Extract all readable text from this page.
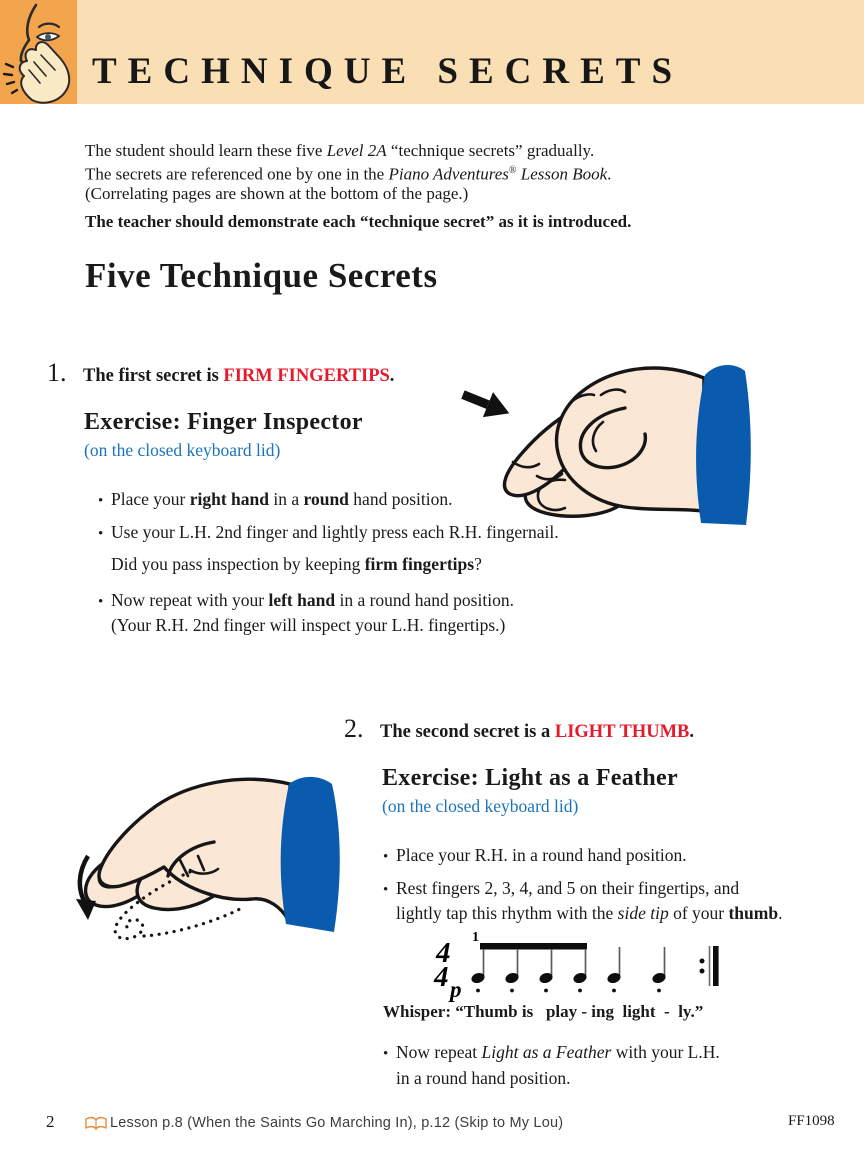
TECHNIQUE SECRETS
The student should learn these five Level 2A “technique secrets” gradually.
The secrets are referenced one by one in the Piano Adventures® Lesson Book.
(Correlating pages are shown at the bottom of the page.)
The teacher should demonstrate each “technique secret” as it is introduced.
Five Technique Secrets
1. The first secret is FIRM FINGERTIPS.
Exercise: Finger Inspector
(on the closed keyboard lid)
• Place your right hand in a round hand position.
• Use your L.H. 2nd finger and lightly press each R.H. fingernail.
Did you pass inspection by keeping firm fingertips?
• Now repeat with your left hand in a round hand position.
(Your R.H. 2nd finger will inspect your L.H. fingertips.)
2. The second secret is a LIGHT THUMB.
Exercise: Light as a Feather
(on the closed keyboard lid)
• Place your R.H. in a round hand position.
• Rest fingers 2, 3, 4, and 5 on their fingertips, and
lightly tap this rhythm with the side tip of your thumb.
4
4
1
p
Whisper: “Thumb is   play - ing  light  -  ly.”
• Now repeat Light as a Feather with your L.H.
in a round hand position.
2	Lesson p.8 (When the Saints Go Marching In), p.12 (Skip to My Lou)	FF1098
